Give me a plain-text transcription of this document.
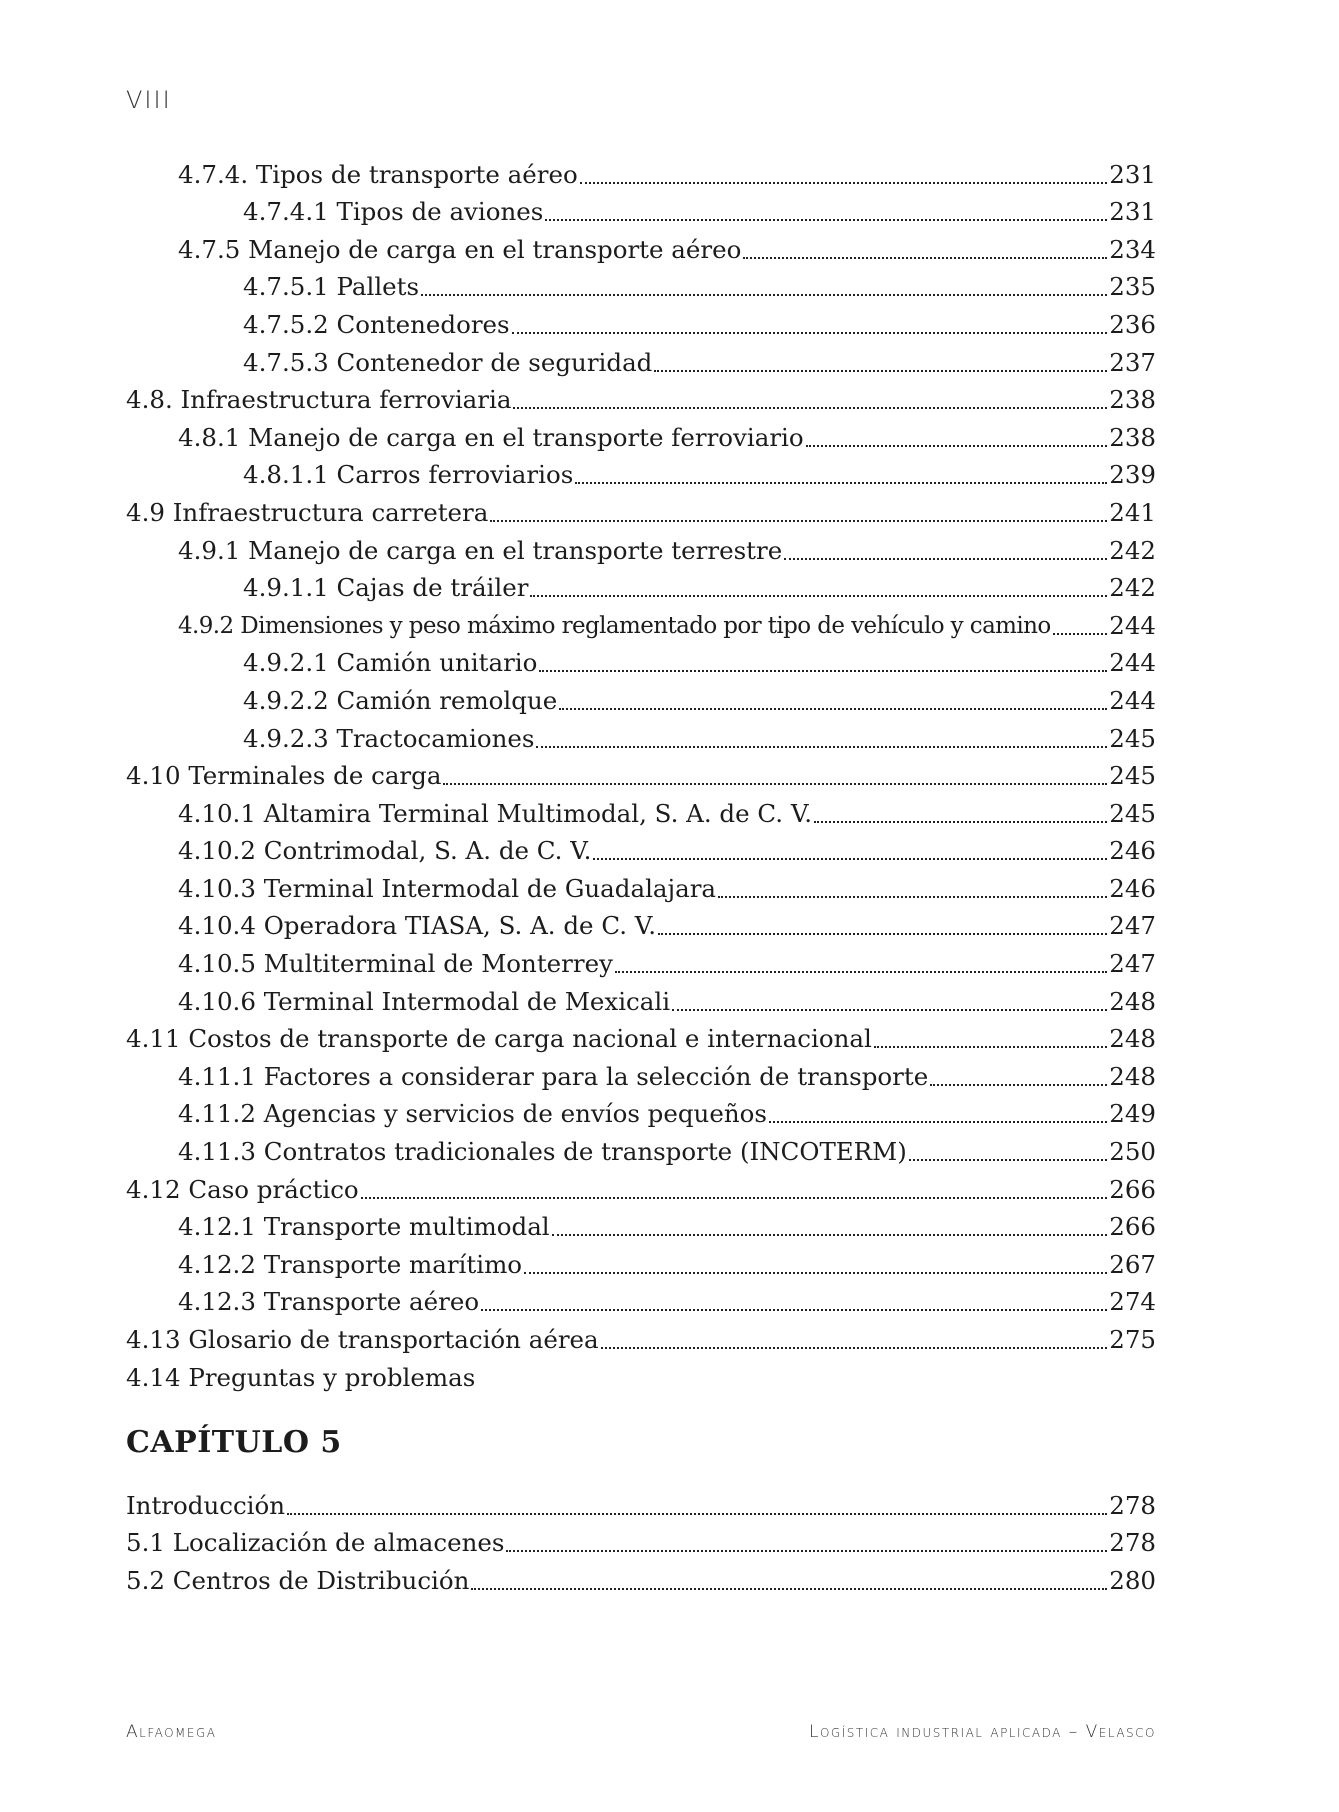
VIII
4.7.4. Tipos de transporte aéreo	231
4.7.4.1 Tipos de aviones	231
4.7.5 Manejo de carga en el transporte aéreo	234
4.7.5.1 Pallets	235
4.7.5.2 Contenedores	236
4.7.5.3 Contenedor de seguridad	237
4.8. Infraestructura ferroviaria	238
4.8.1 Manejo de carga en el transporte ferroviario	238
4.8.1.1 Carros ferroviarios	239
4.9 Infraestructura carretera	241
4.9.1 Manejo de carga en el transporte terrestre	242
4.9.1.1 Cajas de tráiler	242
4.9.2 Dimensiones y peso máximo reglamentado por tipo de vehículo y camino 244
4.9.2.1 Camión unitario	244
4.9.2.2 Camión remolque	244
4.9.2.3 Tractocamiones	245
4.10 Terminales de carga	245
4.10.1 Altamira Terminal Multimodal, S. A. de C. V.	245
4.10.2 Contrimodal, S. A. de C. V.	246
4.10.3 Terminal Intermodal de Guadalajara	246
4.10.4 Operadora TIASA, S. A. de C. V.	247
4.10.5 Multiterminal de Monterrey	247
4.10.6 Terminal Intermodal de Mexicali	248
4.11 Costos de transporte de carga nacional e internacional	248
4.11.1 Factores a considerar para la selección de transporte	248
4.11.2 Agencias y servicios de envíos pequeños	249
4.11.3 Contratos tradicionales de transporte (INCOTERM)	250
4.12 Caso práctico	266
4.12.1 Transporte multimodal	266
4.12.2 Transporte marítimo	267
4.12.3 Transporte aéreo	274
4.13 Glosario de transportación aérea	275
4.14 Preguntas y problemas
CAPÍTULO 5
Introducción	278
5.1 Localización de almacenes	278
5.2 Centros de Distribución	280
Alfaomega	Logística industrial aplicada – Velasco
